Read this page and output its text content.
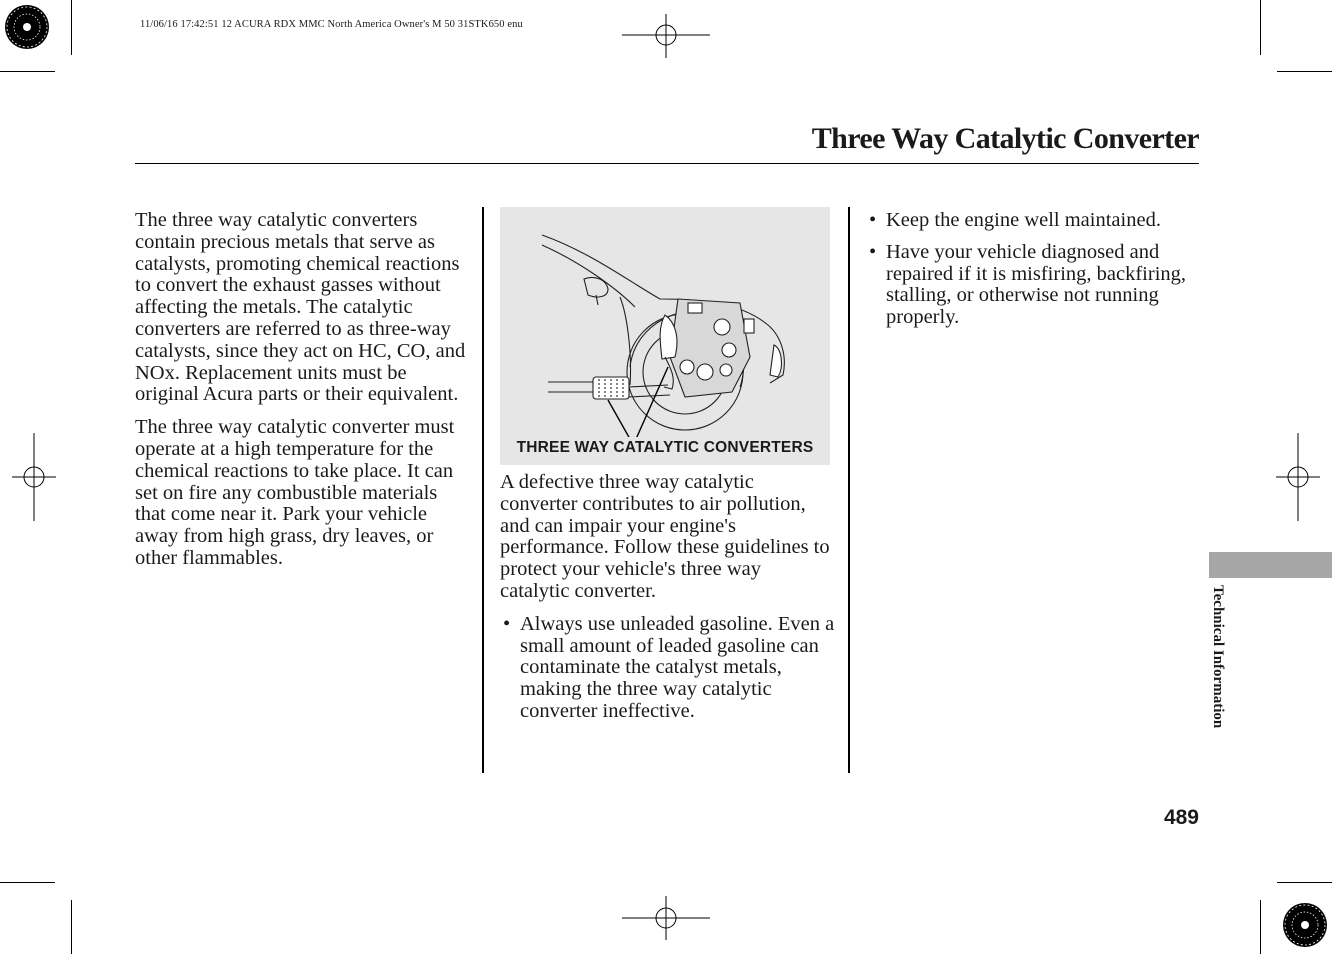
11/06/16 17:42:51 12 ACURA RDX MMC North America Owner's M 50 31STK650 enu
Three Way Catalytic Converter

The three way catalytic converters contain precious metals that serve as catalysts, promoting chemical reactions to convert the exhaust gasses without affecting the metals. The catalytic converters are referred to as three-way catalysts, since they act on HC, CO, and NOx. Replacement units must be original Acura parts or their equivalent.

The three way catalytic converter must operate at a high temperature for the chemical reactions to take place. It can set on fire any combustible materials that come near it. Park your vehicle away from high grass, dry leaves, or other flammables.

THREE WAY CATALYTIC CONVERTERS

A defective three way catalytic converter contributes to air pollution, and can impair your engine's performance. Follow these guidelines to protect your vehicle's three way catalytic converter.

• Always use unleaded gasoline. Even a small amount of leaded gasoline can contaminate the catalyst metals, making the three way catalytic converter ineffective.
• Keep the engine well maintained.
• Have your vehicle diagnosed and repaired if it is misfiring, backfiring, stalling, or otherwise not running properly.
Technical Information
489
